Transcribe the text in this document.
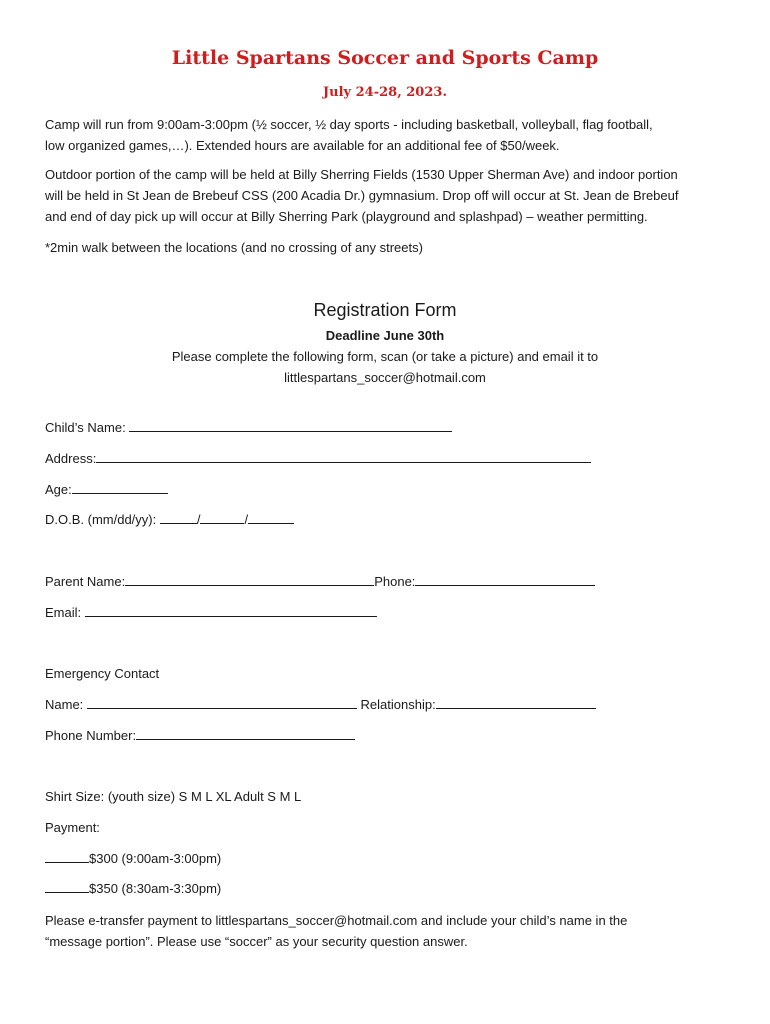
Little Spartans Soccer and Sports Camp
July 24-28, 2023.
Camp will run from 9:00am-3:00pm (½ soccer, ½ day sports - including basketball, volleyball, flag football,
low organized games,…). Extended hours are available for an additional fee of $50/week.
Outdoor portion of the camp will be held at Billy Sherring Fields (1530 Upper Sherman Ave) and indoor portion
will be held in St Jean de Brebeuf CSS (200 Acadia Dr.) gymnasium. Drop off will occur at St. Jean de Brebeuf
and end of day pick up will occur at Billy Sherring Park (playground and splashpad) – weather permitting.
*2min walk between the locations (and no crossing of any streets)
Registration Form
Deadline June 30th
Please complete the following form, scan (or take a picture) and email it to
littlespartans_soccer@hotmail.com
Child’s Name:
Address:
Age:
D.O.B. (mm/dd/yy):	/	/
Parent Name:	Phone:
Email:
Emergency Contact
Name:	Relationship:
Phone Number:
Shirt Size: (youth size) S M L XL Adult S M L
Payment:
$300 (9:00am-3:00pm)
$350 (8:30am-3:30pm)
Please e-transfer payment to littlespartans_soccer@hotmail.com and include your child’s name in the
“message portion”. Please use “soccer” as your security question answer.
